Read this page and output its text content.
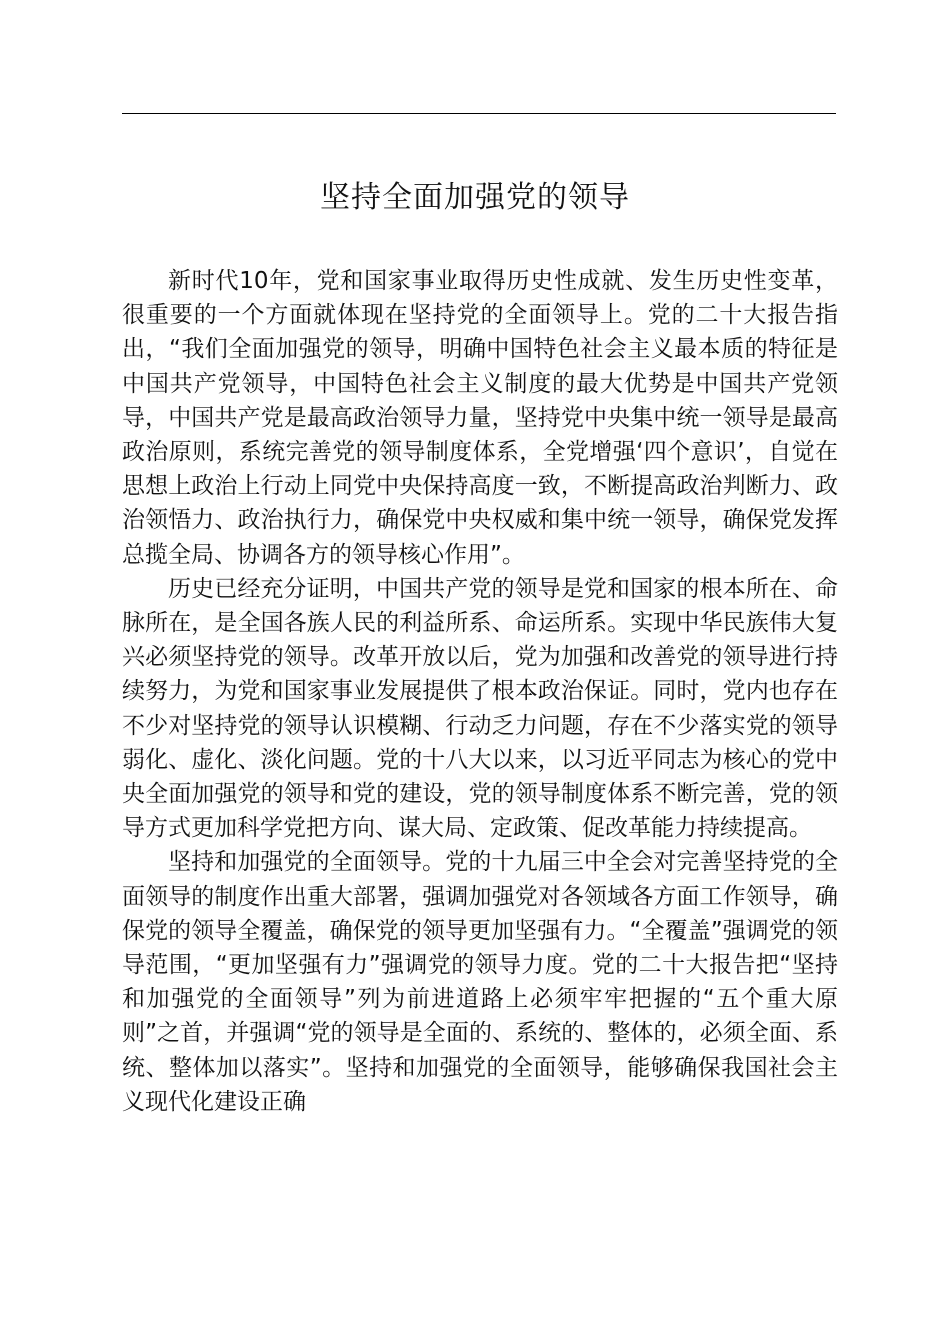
坚持全面加强党的领导

新时代10年，党和国家事业取得历史性成就、发生历史性变革，很重要的一个方面就体现在坚持党的全面领导上。党的二十大报告指出，“我们全面加强党的领导，明确中国特色社会主义最本质的特征是中国共产党领导，中国特色社会主义制度的最大优势是中国共产党领导，中国共产党是最高政治领导力量，坚持党中央集中统一领导是最高政治原则，系统完善党的领导制度体系，全党增强‘四个意识’，自觉在思想上政治上行动上同党中央保持高度一致，不断提高政治判断力、政治领悟力、政治执行力，确保党中央权威和集中统一领导，确保党发挥总揽全局、协调各方的领导核心作用”。

历史已经充分证明，中国共产党的领导是党和国家的根本所在、命脉所在，是全国各族人民的利益所系、命运所系。实现中华民族伟大复兴必须坚持党的领导。改革开放以后，党为加强和改善党的领导进行持续努力，为党和国家事业发展提供了根本政治保证。同时，党内也存在不少对坚持党的领导认识模糊、行动乏力问题，存在不少落实党的领导弱化、虚化、淡化问题。党的十八大以来，以习近平同志为核心的党中央全面加强党的领导和党的建设，党的领导制度体系不断完善，党的领导方式更加科学党把方向、谋大局、定政策、促改革能力持续提高。

坚持和加强党的全面领导。党的十九届三中全会对完善坚持党的全面领导的制度作出重大部署，强调加强党对各领域各方面工作领导，确保党的领导全覆盖，确保党的领导更加坚强有力。“全覆盖”强调党的领导范围，“更加坚强有力”强调党的领导力度。党的二十大报告把“坚持和加强党的全面领导”列为前进道路上必须牢牢把握的“五个重大原则”之首，并强调“党的领导是全面的、系统的、整体的，必须全面、系统、整体加以落实”。坚持和加强党的全面领导，能够确保我国社会主义现代化建设正确
